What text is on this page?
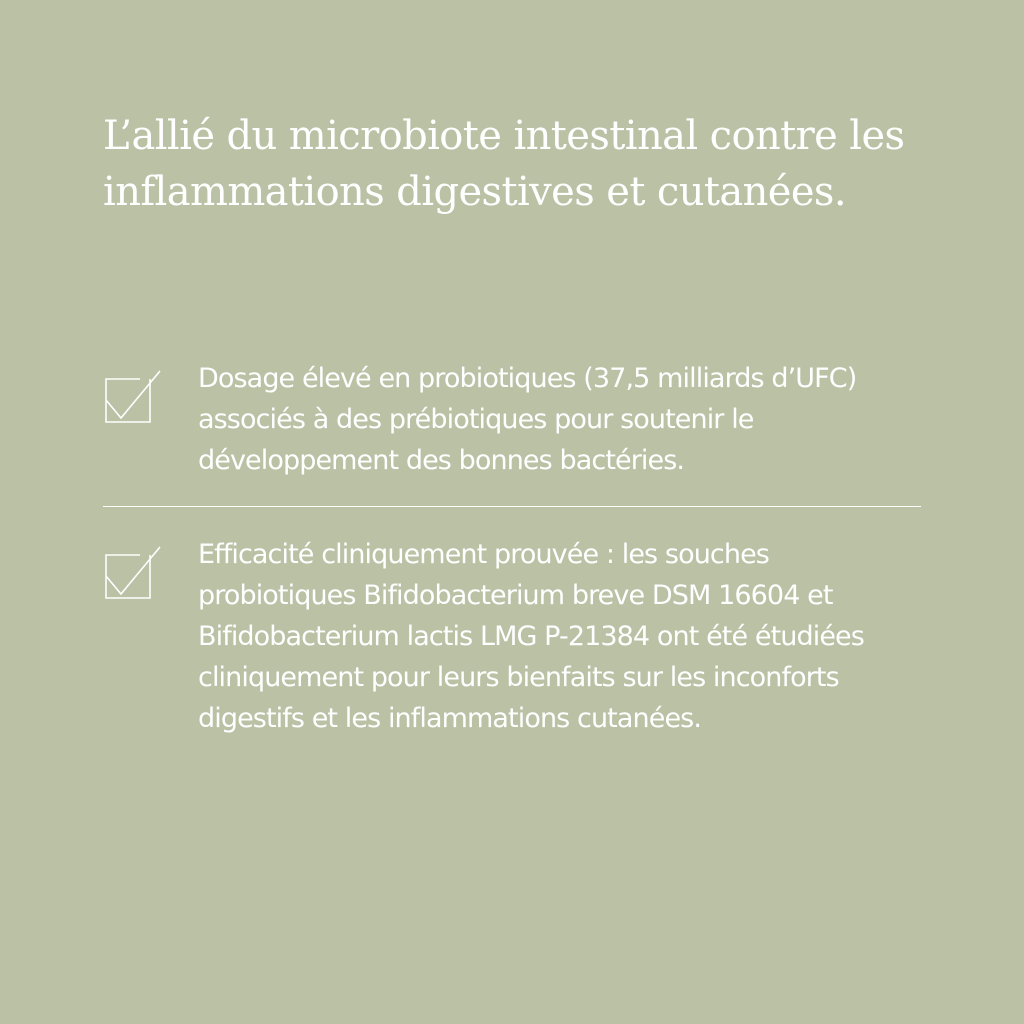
L’allié du microbiote intestinal contre les inflammations digestives et cutanées.

Dosage élevé en probiotiques (37,5 milliards d’UFC) associés à des prébiotiques pour soutenir le développement des bonnes bactéries.

Efficacité cliniquement prouvée : les souches probiotiques Bifidobacterium breve DSM 16604 et Bifidobacterium lactis LMG P-21384 ont été étudiées cliniquement pour leurs bienfaits sur les inconforts digestifs et les inflammations cutanées.
